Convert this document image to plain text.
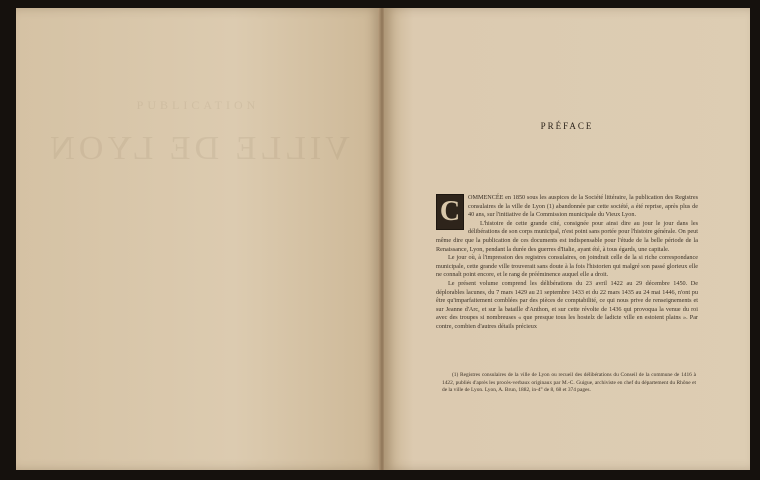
PUBLICATION
VILLE DE LYON
PRÉFACE

C	OMMENCÉE en 1850 sous les auspices de la Société littéraire, la publication des Registres consulaires de la ville de Lyon (1) abandonnée par cette société, a été reprise, après plus de 40 ans, sur l'initiative de la Commission municipale du Vieux Lyon.

L'histoire de cette grande cité, consignée pour ainsi dire au jour le jour dans les délibérations de son corps municipal, n'est point sans portée pour l'histoire générale. On peut même dire que la publication de ces documents est indispensable pour l'étude de la belle période de la Renaissance, Lyon, pendant la durée des guerres d'Italie, ayant été, à tous égards, une capitale.

Le jour où, à l'impression des registres consulaires, on joindrait celle de la si riche correspondance municipale, cette grande ville trouverait sans doute à la fois l'historien qui malgré son passé glorieux elle ne connaît point encore, et le rang de prééminence auquel elle a droit.

Le présent volume comprend les délibérations du 23 avril 1422 au 29 décembre 1450. De déplorables lacunes, du 7 mars 1429 au 21 septembre 1433 et du 22 mars 1435 au 24 mai 1446, n'ont pu être qu'imparfaitement comblées par des pièces de comptabilité, ce qui nous prive de renseignements et sur Jeanne d'Arc, et sur la bataille d'Anthon, et sur cette révolte de 1436 qui provoqua la venue du roi avec des troupes si nombreuses « que presque tous les hostelz de ladicte ville en estoient plains ». Par contre, combien d'autres détails précieux

(1) Registres consulaires de la ville de Lyon ou recueil des délibérations du Conseil de la commune de 1416 à 1422, publiés d'après les procès-verbaux originaux par M.-C. Guigue, archiviste en chef du département du Rhône et de la ville de Lyon. Lyon, A. Brun, 1882, in-4° de 8, 68 et 374 pages.
